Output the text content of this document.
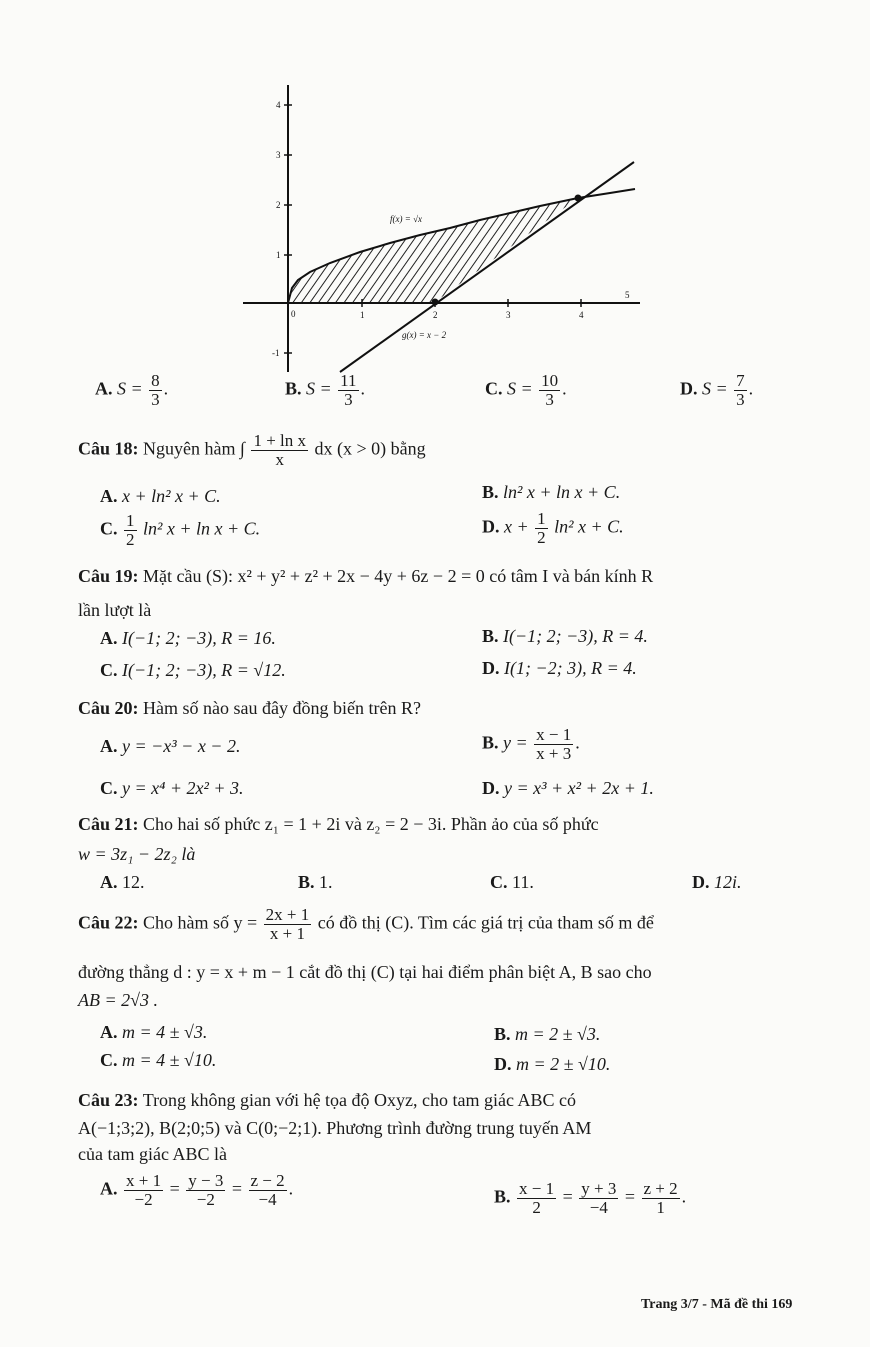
4
3
2
1
-1
1	2	3	4
5
0
f(x) = √x
g(x) = x − 2
A. $S = \frac{8}{3}$ .	B. $S = \frac{11}{3}$ .	C. $S = \frac{10}{3}$ .	D. $S = \frac{7}{3}$ .
Câu 18: Nguyên hàm ∫ $\frac{\text{1 + ln x}}{x}$ dx (x > 0) bằng
A. x + ln² x + C.	B. ln² x + ln x + C.
C. $\frac{1}{2} \ln^2$ x + ln x + C.	D. $x + \frac{1}{2} \ln^2$ x + C.
Câu 19: Mặt cầu (S): x² + y² + z² + 2x − 4y + 6z − 2 = 0 có tâm I và bán kính R
lần lượt là
A. I(−1; 2; −3), R = 16.	B. I(−1; 2; −3), R = 4.
C. I(−1; 2; −3), R = √12.	D. I(1; −2; 3), R = 4.
Câu 20: Hàm số nào sau đây đồng biến trên R?
A. y = −x³ − x − 2.	B. $y = \frac{x - 1}{x + 3}$ .
C. y = x⁴ + 2x² + 3.	D. y = x³ + x² + 2x + 1.
Câu 21: Cho hai số phức z₁ = 1 + 2i và z₂ = 2 − 3i. Phần ảo của số phức
w = 3z₁ − 2z₂ là
A. 12.	B. 1.	C. 11.	D. 12i.
Câu 22: Cho hàm số $y = \frac{2x + 1}{x + 1}$ có đồ thị (C). Tìm các giá trị của tham số m để
đường thẳng d : y = x + m − 1 cắt đồ thị (C) tại hai điểm phân biệt A, B sao cho
AB = 2√3 .
A. m = 4 ± √3.	B. m = 2 ± √3.
C. m = 4 ± √10.	D. m = 2 ± √10.
Câu 23: Trong không gian với hệ tọa độ Oxyz, cho tam giác ABC có
A(−1;3;2), B(2;0;5) và C(0;−2;1). Phương trình đường trung tuyến AM
của tam giác ABC là
A. $\frac{x + 1}{-2} = \frac{y - 3}{-2} = \frac{z - 2}{-4}$ .	B. $\frac{x - 1}{2} = \frac{y + 3}{-4} = \frac{z + 2}{1}$ .
Trang 3/7 - Mã đề thi 169
